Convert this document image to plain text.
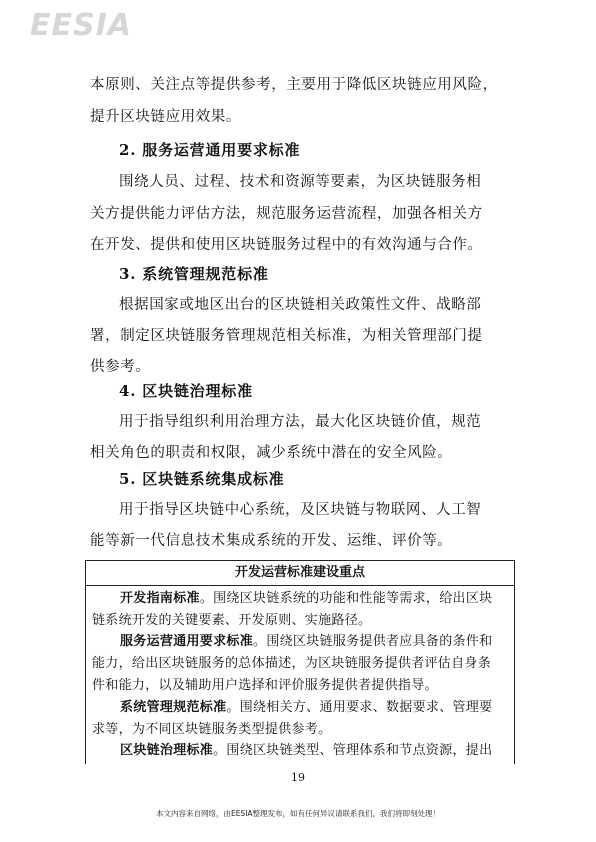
EESIA
本原则、关注点等提供参考，主要用于降低区块链应用风险，
提升区块链应用效果。
2. 服务运营通用要求标准
围绕人员、过程、技术和资源等要素，为区块链服务相
关方提供能力评估方法，规范服务运营流程，加强各相关方
在开发、提供和使用区块链服务过程中的有效沟通与合作。
3. 系统管理规范标准
根据国家或地区出台的区块链相关政策性文件、战略部
署，制定区块链服务管理规范相关标准，为相关管理部门提
供参考。
4. 区块链治理标准
用于指导组织利用治理方法，最大化区块链价值，规范
相关角色的职责和权限，减少系统中潜在的安全风险。
5. 区块链系统集成标准
用于指导区块链中心系统，及区块链与物联网、人工智
能等新一代信息技术集成系统的开发、运维、评价等。
开发运营标准建设重点
开发指南标准。围绕区块链系统的功能和性能等需求，给出区块
链系统开发的关键要素、开发原则、实施路径。
服务运营通用要求标准。围绕区块链服务提供者应具备的条件和
能力，给出区块链服务的总体描述，为区块链服务提供者评估自身条
件和能力，以及辅助用户选择和评价服务提供者提供指导。
系统管理规范标准。围绕相关方、通用要求、数据要求、管理要
求等，为不同区块链服务类型提供参考。
区块链治理标准。围绕区块链类型、管理体系和节点资源，提出
19
本文内容来自网络，由EESIA整理发布，如有任何异议请联系我们，我们将即刻处理！
